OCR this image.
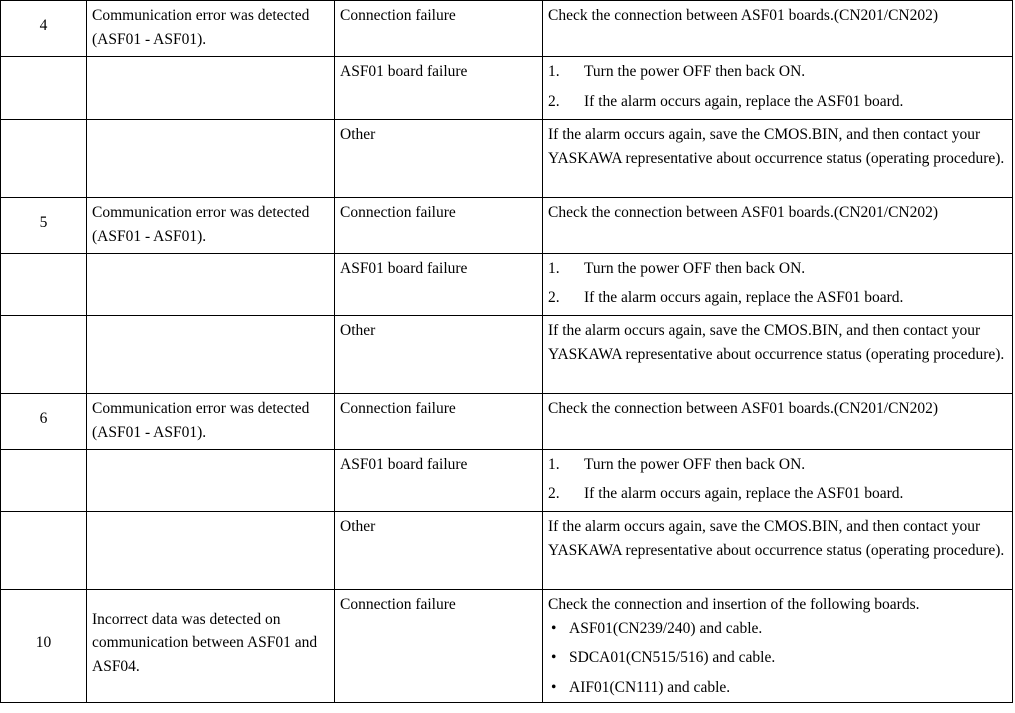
4	Communication error was detected (ASF01 - ASF01).	Connection failure	Check the connection between ASF01 boards.(CN201/CN202)
		ASF01 board failure	1. Turn the power OFF then back ON.
2. If the alarm occurs again, replace the ASF01 board.

		Other	If the alarm occurs again, save the CMOS.BIN, and then contact your YASKAWA representative about occurrence status (operating procedure).
5	Communication error was detected (ASF01 - ASF01).	Connection failure	Check the connection between ASF01 boards.(CN201/CN202)
		ASF01 board failure	1. Turn the power OFF then back ON.
2. If the alarm occurs again, replace the ASF01 board.

		Other	If the alarm occurs again, save the CMOS.BIN, and then contact your YASKAWA representative about occurrence status (operating procedure).
6	Communication error was detected (ASF01 - ASF01).	Connection failure	Check the connection between ASF01 boards.(CN201/CN202)
		ASF01 board failure	1. Turn the power OFF then back ON.
2. If the alarm occurs again, replace the ASF01 board.

		Other	If the alarm occurs again, save the CMOS.BIN, and then contact your YASKAWA representative about occurrence status (operating procedure).
10	Incorrect data was detected on communication between ASF01 and ASF04.	Connection failure	Check the connection and insertion of the following boards.
• ASF01(CN239/240) and cable.
• SDCA01(CN515/516) and cable.
• AIF01(CN111) and cable.
